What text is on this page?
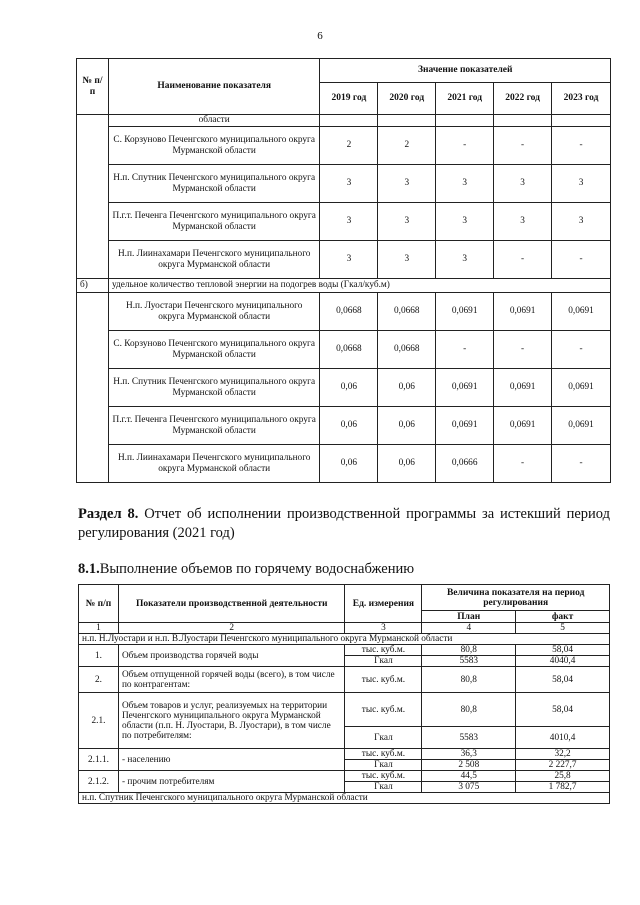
6
№ п/п	Наименование показателя	Значение показателей				
		2019 год	2020 год	2021 год	2022 год	2023 год
	области					
	С. Корзуново Печенгского муниципального округа Мурманской области	2	2	-	-	-
	Н.п. Спутник Печенгского муниципального округа Мурманской области	3	3	3	3	3
	П.г.т. Печенга Печенгского муниципального округа Мурманской области	3	3	3	3	3
	Н.п. Лиинахамари Печенгского муниципального округа Мурманской области	3	3	3	-	-
б)	удельное количество тепловой энергии на подогрев воды (Гкал/куб.м)					
	Н.п. Луостари Печенгского муниципального округа Мурманской области	0,0668	0,0668	0,0691	0,0691	0,0691
	С. Корзуново Печенгского муниципального округа Мурманской области	0,0668	0,0668	-	-	-
	Н.п. Спутник Печенгского муниципального округа Мурманской области	0,06	0,06	0,0691	0,0691	0,0691
	П.г.т. Печенга Печенгского муниципального округа Мурманской области	0,06	0,06	0,0691	0,0691	0,0691
	Н.п. Лиинахамари Печенгского муниципального округа Мурманской области	0,06	0,06	0,0666	-	-
Раздел 8. Отчет об исполнении производственной программы за истекший период регулирования (2021 год)
8.1.Выполнение объемов по горячему водоснабжению
№ п/п	Показатели производственной деятельности	Ед. измерения	Величина показателя на период регулирования	
			План	факт
1	2	3	4	5
н.п. Н.Луостари и н.п. В.Луостари Печенгского муниципального округа Мурманской области				
1.	Объем производства горячей воды	тыс. куб.м.	80,8	58,04
		Гкал	5583	4040,4
2.	Объем отпущенной горячей воды (всего), в том числе по контрагентам:	тыс. куб.м.	80,8	58,04
2.1.	Объем товаров и услуг, реализуемых на территории Печенгского муниципального округа Мурманской области (п.п. Н. Луостари, В. Луостари), в том числе по потребителям:	тыс. куб.м.	80,8	58,04
		Гкал	5583	4010,4
2.1.1.	- населению	тыс. куб.м.	36,3	32,2
		Гкал	2 508	2 227,7
2.1.2.	- прочим потребителям	тыс. куб.м.	44,5	25,8
		Гкал	3 075	1 782,7
н.п. Спутник Печенгского муниципального округа Мурманской области				
